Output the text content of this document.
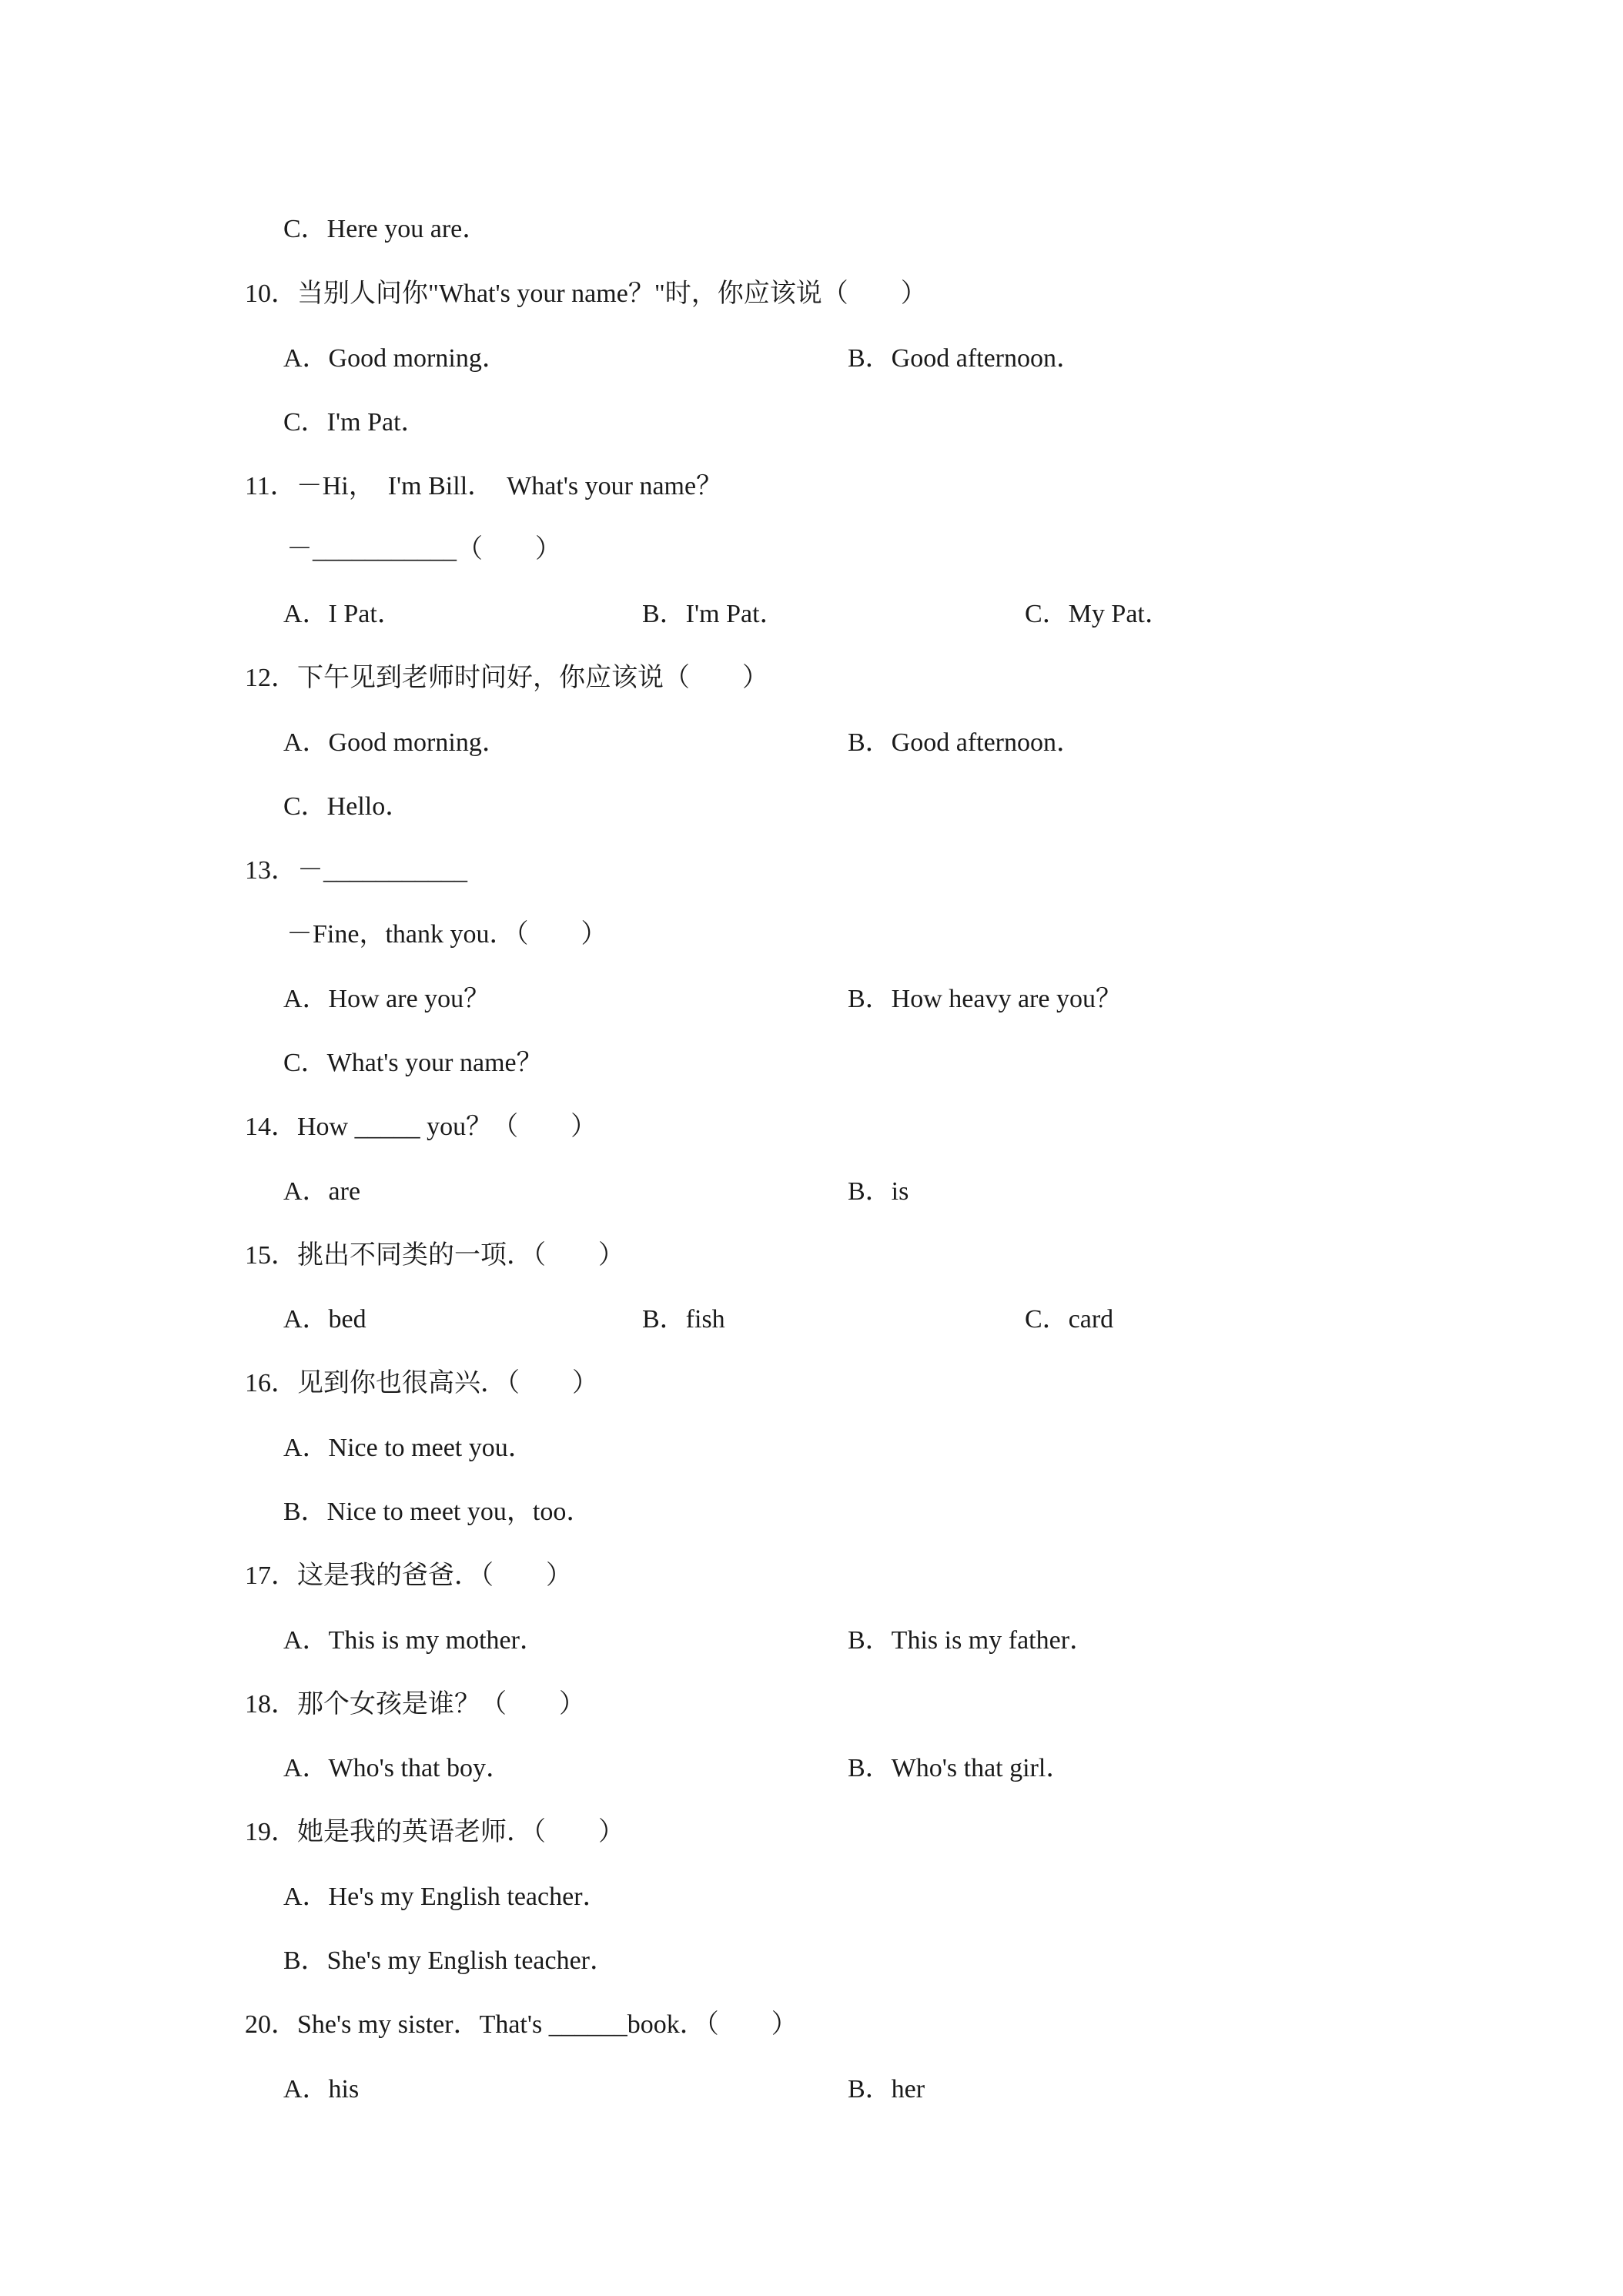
C．Here you are．
10．当别人问你"What's your name？"时，你应该说（　　）
A．Good morning．	B．Good afternoon．
C．I'm Pat．
11．－Hi，　I'm Bill．　What's your name？
－___________（　　）
A．I Pat．	B．I'm Pat．	C．My Pat．
12．下午见到老师时问好，你应该说（　　）
A．Good morning．	B．Good afternoon．
C．Hello．
13．－___________
－Fine，thank you．（　　）
A．How are you？	B．How heavy are you？
C．What's your name？
14．How _____ you？（　　）
A．are	B．is
15．挑出不同类的一项．（　　）
A．bed	B．fish	C．card
16．见到你也很高兴．（　　）
A．Nice to meet you．
B．Nice to meet you，too．
17．这是我的爸爸．（　　）
A．This is my mother．	B．This is my father．
18．那个女孩是谁？（　　）
A．Who's that boy．	B．Who's that girl．
19．她是我的英语老师．（　　）
A．He's my English teacher．
B．She's my English teacher．
20．She's my sister．That's ______book．（　　）
A．his	B．her
